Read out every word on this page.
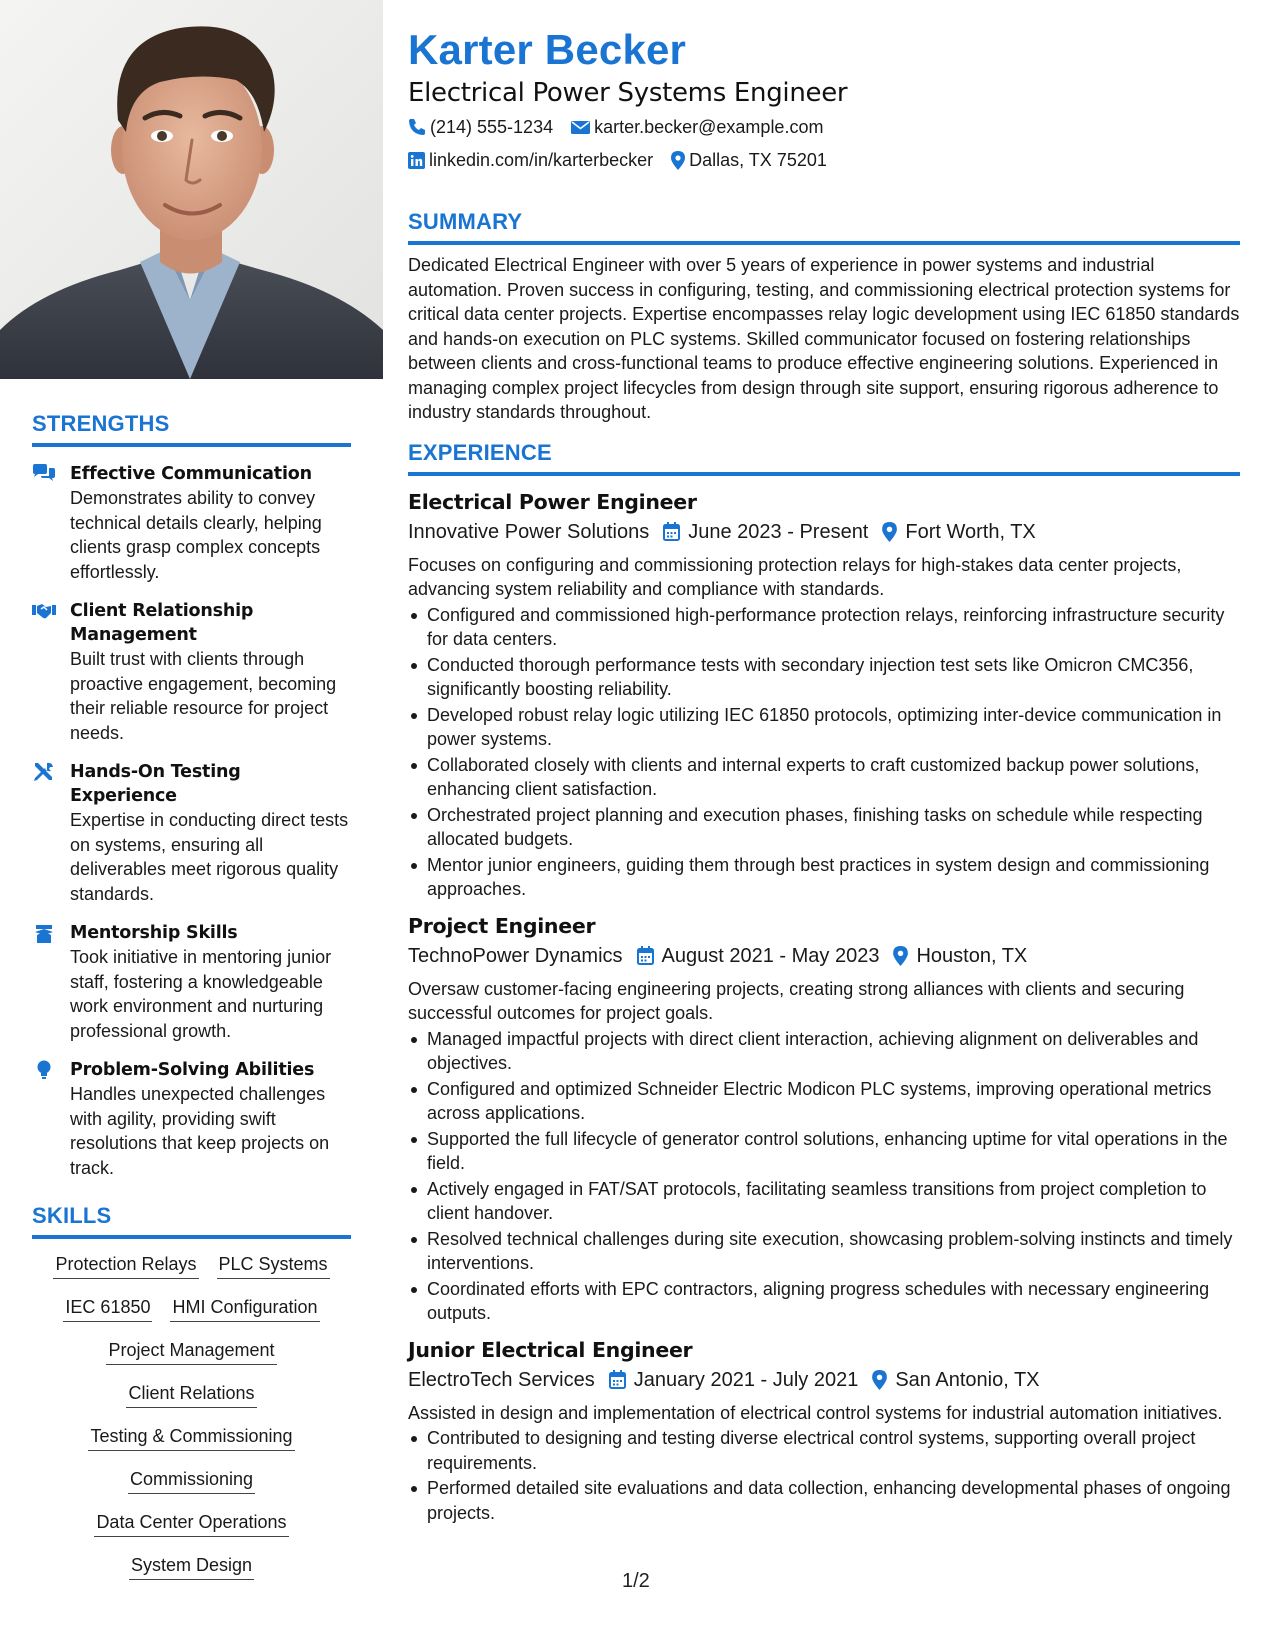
STRENGTHS
Effective Communication
Demonstrates ability to convey technical details clearly, helping clients grasp complex concepts effortlessly.
Client Relationship Management
Built trust with clients through proactive engagement, becoming their reliable resource for project needs.
Hands-On Testing Experience
Expertise in conducting direct tests on systems, ensuring all deliverables meet rigorous quality standards.
Mentorship Skills
Took initiative in mentoring junior staff, fostering a knowledgeable work environment and nurturing professional growth.
Problem-Solving Abilities
Handles unexpected challenges with agility, providing swift resolutions that keep projects on track.
SKILLS
Protection Relays PLC Systems
IEC 61850 HMI Configuration
Project Management
Client Relations
Testing & Commissioning
Commissioning
Data Center Operations
System Design
Karter Becker
Electrical Power Systems Engineer
(214) 555-1234 karter.becker@example.com
linkedin.com/in/karterbecker Dallas, TX 75201
SUMMARY
Dedicated Electrical Engineer with over 5 years of experience in power systems and industrial automation. Proven success in configuring, testing, and commissioning electrical protection systems for critical data center projects. Expertise encompasses relay logic development using IEC 61850 standards and hands-on execution on PLC systems. Skilled communicator focused on fostering relationships between clients and cross-functional teams to produce effective engineering solutions. Experienced in managing complex project lifecycles from design through site support, ensuring rigorous adherence to industry standards throughout.
EXPERIENCE
Electrical Power Engineer
Innovative Power Solutions June 2023 - Present Fort Worth, TX
Focuses on configuring and commissioning protection relays for high-stakes data center projects, advancing system reliability and compliance with standards.
Configured and commissioned high-performance protection relays, reinforcing infrastructure security for data centers.
Conducted thorough performance tests with secondary injection test sets like Omicron CMC356, significantly boosting reliability.
Developed robust relay logic utilizing IEC 61850 protocols, optimizing inter-device communication in power systems.
Collaborated closely with clients and internal experts to craft customized backup power solutions, enhancing client satisfaction.
Orchestrated project planning and execution phases, finishing tasks on schedule while respecting allocated budgets.
Mentor junior engineers, guiding them through best practices in system design and commissioning approaches.
Project Engineer
TechnoPower Dynamics August 2021 - May 2023 Houston, TX
Oversaw customer-facing engineering projects, creating strong alliances with clients and securing successful outcomes for project goals.
Managed impactful projects with direct client interaction, achieving alignment on deliverables and objectives.
Configured and optimized Schneider Electric Modicon PLC systems, improving operational metrics across applications.
Supported the full lifecycle of generator control solutions, enhancing uptime for vital operations in the field.
Actively engaged in FAT/SAT protocols, facilitating seamless transitions from project completion to client handover.
Resolved technical challenges during site execution, showcasing problem-solving instincts and timely interventions.
Coordinated efforts with EPC contractors, aligning progress schedules with necessary engineering outputs.
Junior Electrical Engineer
ElectroTech Services January 2021 - July 2021 San Antonio, TX
Assisted in design and implementation of electrical control systems for industrial automation initiatives.
Contributed to designing and testing diverse electrical control systems, supporting overall project requirements.
Performed detailed site evaluations and data collection, enhancing developmental phases of ongoing projects.
1/2
